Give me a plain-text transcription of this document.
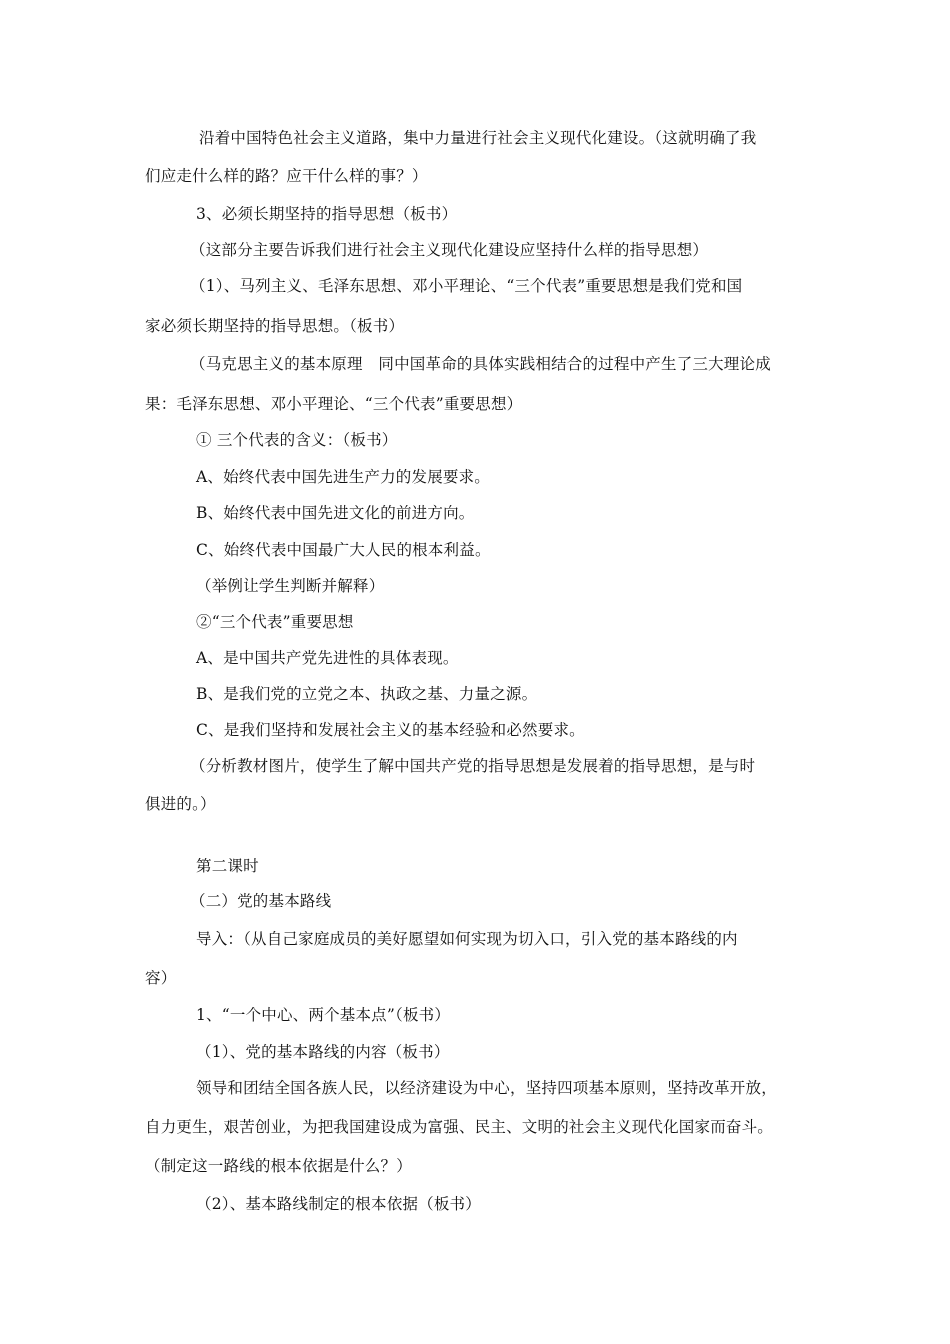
沿着中国特色社会主义道路，集中力量进行社会主义现代化建设。（这就明确了我
们应走什么样的路？应干什么样的事？）
3、必须长期坚持的指导思想（板书）
（这部分主要告诉我们进行社会主义现代化建设应坚持什么样的指导思想）
（1）、马列主义、毛泽东思想、邓小平理论、“三个代表”重要思想是我们党和国
家必须长期坚持的指导思想。（板书）
（马克思主义的基本原理　同中国革命的具体实践相结合的过程中产生了三大理论成
果：毛泽东思想、邓小平理论、“三个代表”重要思想）
① 三个代表的含义：（板书）
A、始终代表中国先进生产力的发展要求。
B、始终代表中国先进文化的前进方向。
C、始终代表中国最广大人民的根本利益。
（举例让学生判断并解释）
②“三个代表”重要思想
A、是中国共产党先进性的具体表现。
B、是我们党的立党之本、执政之基、力量之源。
C、是我们坚持和发展社会主义的基本经验和必然要求。
（分析教材图片，使学生了解中国共产党的指导思想是发展着的指导思想，是与时
俱进的。）
第二课时
（二）党的基本路线
导入：（从自己家庭成员的美好愿望如何实现为切入口，引入党的基本路线的内
容）
1、“一个中心、两个基本点”（板书）
（1）、党的基本路线的内容（板书）
领导和团结全国各族人民，以经济建设为中心，坚持四项基本原则，坚持改革开放，
自力更生，艰苦创业，为把我国建设成为富强、民主、文明的社会主义现代化国家而奋斗。
（制定这一路线的根本依据是什么？）
（2）、基本路线制定的根本依据（板书）
